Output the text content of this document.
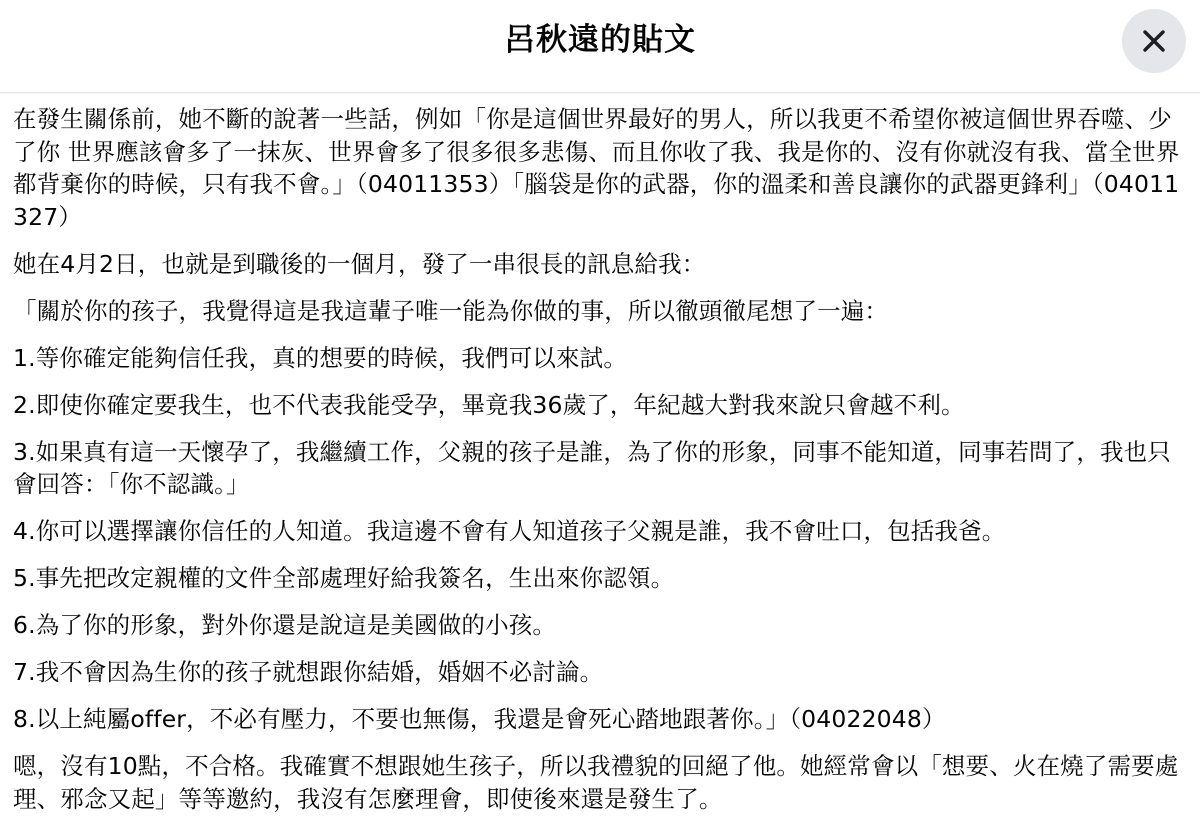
呂秋遠的貼文

在發生關係前，她不斷的說著一些話，例如「你是這個世界最好的男人，所以我更不希望你被這個世界吞噬、少了你 世界應該會多了一抹灰、世界會多了很多很多悲傷、而且你收了我、我是你的、沒有你就沒有我、當全世界都背棄你的時候，只有我不會。」（04011353）「腦袋是你的武器，你的溫柔和善良讓你的武器更鋒利」（04011327）

她在4月2日，也就是到職後的一個月，發了一串很長的訊息給我：

「關於你的孩子，我覺得這是我這輩子唯一能為你做的事，所以徹頭徹尾想了一遍：

1.等你確定能夠信任我，真的想要的時候，我們可以來試。

2.即使你確定要我生，也不代表我能受孕，畢竟我36歲了，年紀越大對我來說只會越不利。

3.如果真有這一天懷孕了，我繼續工作，父親的孩子是誰，為了你的形象，同事不能知道，同事若問了，我也只會回答：「你不認識。」

4.你可以選擇讓你信任的人知道。我這邊不會有人知道孩子父親是誰，我不會吐口，包括我爸。

5.事先把改定親權的文件全部處理好給我簽名，生出來你認領。

6.為了你的形象，對外你還是說這是美國做的小孩。

7.我不會因為生你的孩子就想跟你結婚，婚姻不必討論。

8.以上純屬offer，不必有壓力，不要也無傷，我還是會死心踏地跟著你。」（04022048）

嗯，沒有10點，不合格。我確實不想跟她生孩子，所以我禮貌的回絕了他。她經常會以「想要、火在燒了需要處理、邪念又起」等等邀約，我沒有怎麼理會，即使後來還是發生了。
